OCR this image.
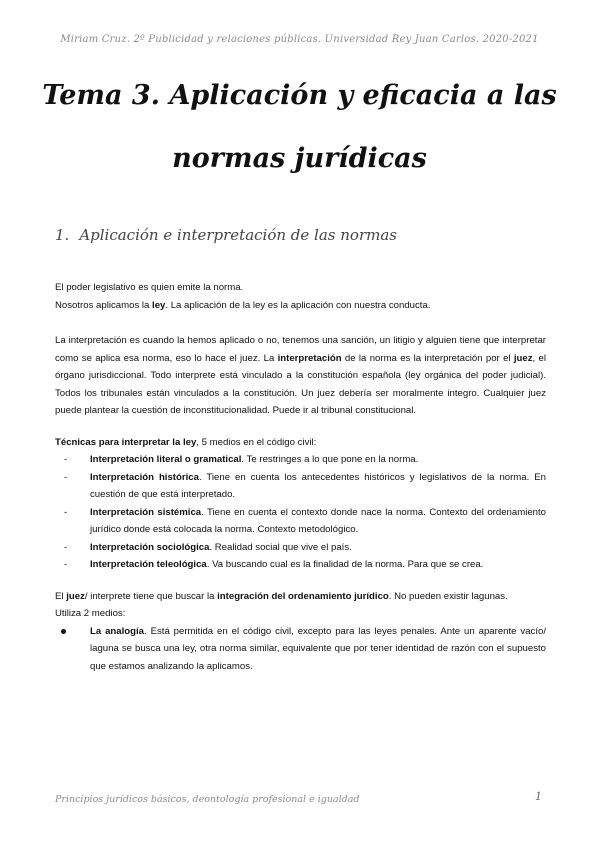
Miriam Cruz. 2º Publicidad y relaciones públicas. Universidad Rey Juan Carlos. 2020-2021
Tema 3. Aplicación y eficacia a las
normas jurídicas
1. Aplicación e interpretación de las normas

El poder legislativo es quien emite la norma.

Nosotros aplicamos la ley. La aplicación de la ley es la aplicación con nuestra conducta.

La interpretación es cuando la hemos aplicado o no, tenemos una sanción, un litigio y alguien tiene que interpretar como se aplica esa norma, eso lo hace el juez. La interpretación de la norma es la interpretación por el juez, el órgano jurisdiccional. Todo interprete está vinculado a la constitución española (ley orgánica del poder judicial). Todos los tribunales están vinculados a la constitución. Un juez debería ser moralmente integro. Cualquier juez puede plantear la cuestión de inconstitucionalidad. Puede ir al tribunal constitucional.

Técnicas para interpretar la ley, 5 medios en el código civil:

- Interpretación literal o gramatical. Te restringes a lo que pone en la norma.
- Interpretación histórica. Tiene en cuenta los antecedentes históricos y legislativos de la norma. En cuestión de que está interpretado.
- Interpretación sistémica. Tiene en cuenta el contexto donde nace la norma. Contexto del ordenamiento jurídico donde está colocada la norma. Contexto metodológico.
- Interpretación sociológica. Realidad social que vive el país.
- Interpretación teleológica. Va buscando cual es la finalidad de la norma. Para que se crea.

El juez/ interprete tiene que buscar la integración del ordenamiento jurídico. No pueden existir lagunas.

Utiliza 2 medios:

La analogía. Está permitida en el código civil, excepto para las leyes penales. Ante un aparente vacío/ laguna se busca una ley, otra norma similar, equivalente que por tener identidad de razón con el supuesto que estamos analizando la aplicamos.
Principios jurídicos básicos, deontología profesional e igualdad	1
